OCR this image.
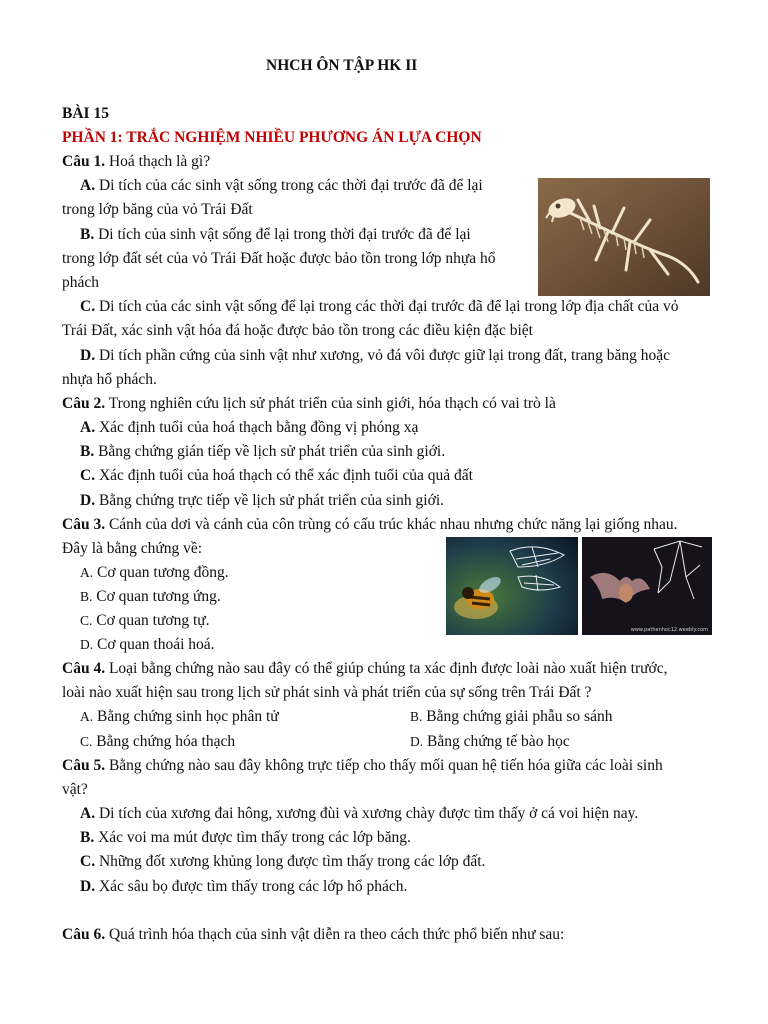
NHCH ÔN TẬP HK II
BÀI 15
PHẦN 1: TRẮC NGHIỆM NHIỀU PHƯƠNG ÁN LỰA CHỌN
Câu 1. Hoá thạch là gì?
A. Di tích của các sinh vật sống trong các thời đại trước đã để lại
trong lớp băng của vỏ Trái Đất
B. Di tích của sinh vật sống để lại trong thời đại trước đã để lại
trong lớp đất sét của vỏ Trái Đất hoặc được bảo tồn trong lớp nhựa hổ
phách
C. Di tích của các sinh vật sống để lại trong các thời đại trước đã để lại trong lớp địa chất của vỏ
Trái Đất, xác sinh vật hóa đá hoặc được bảo tồn trong các điều kiện đặc biệt
D. Di tích phần cứng của sinh vật như xương, vỏ đá vôi được giữ lại trong đất, trang băng hoặc
nhựa hổ phách.
Câu 2. Trong nghiên cứu lịch sử phát triển của sinh giới, hóa thạch có vai trò là
A. Xác định tuổi của hoá thạch bằng đồng vị phóng xạ
B. Bằng chứng gián tiếp về lịch sử phát triển của sinh giới.
C. Xác định tuổi của hoá thạch có thể xác định tuổi của quả đất
D. Bằng chứng trực tiếp về lịch sử phát triển của sinh giới.
Câu 3. Cánh của dơi và cánh của côn trùng có cấu trúc khác nhau nhưng chức năng lại giống nhau.
Đây là bằng chứng về:
A. Cơ quan tương đồng.
B. Cơ quan tương ứng.
C. Cơ quan tương tự.
D. Cơ quan thoái hoá.
Câu 4. Loại bằng chứng nào sau đây có thể giúp chúng ta xác định được loài nào xuất hiện trước,
loài nào xuất hiện sau trong lịch sử phát sinh và phát triển của sự sống trên Trái Đất ?
A. Bằng chứng sinh học phân tử	B. Bằng chứng giải phẫu so sánh
C. Bằng chứng hóa thạch	D. Bằng chứng tế bào học
Câu 5. Bằng chứng nào sau đây không trực tiếp cho thấy mối quan hệ tiến hóa giữa các loài sinh
vật?
A. Di tích của xương đai hông, xương đùi và xương chày được tìm thấy ở cá voi hiện nay.
B. Xác voi ma mút được tìm thấy trong các lớp băng.
C. Những đốt xương khủng long được tìm thấy trong các lớp đất.
D. Xác sâu bọ được tìm thấy trong các lớp hổ phách.
Câu 6. Quá trình hóa thạch của sinh vật diễn ra theo cách thức phổ biến như sau:
www.pathenhoc12.weebly.com
